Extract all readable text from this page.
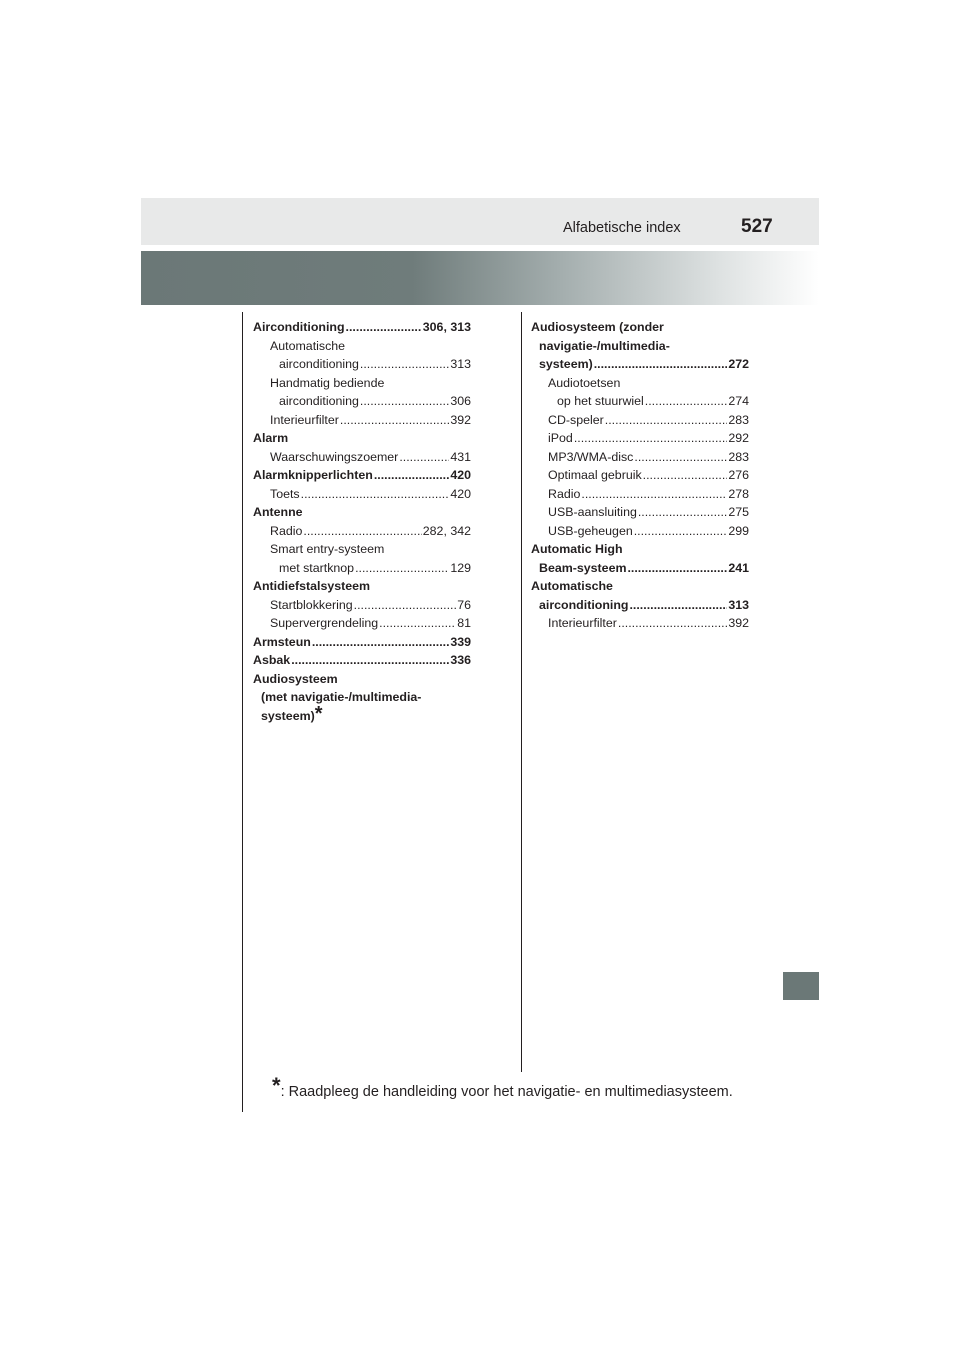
Alfabetische index	527
Airconditioning .....	306, 313
Automatische
airconditioning .....	313
Handmatig bediende
airconditioning .....	306
Interieurfilter .....	392
Alarm
Waarschuwingszoemer .....	431
Alarmknipperlichten .....	420
Toets .....	420
Antenne
Radio .....	282, 342
Smart entry-systeem
met startknop .....	129
Antidiefstalsysteem
Startblokkering .....	76
Supervergrendeling .....	81
Armsteun .....	339
Asbak .....	336
Audiosysteem
(met navigatie-/multimedia-
systeem) *
Audiosysteem (zonder
navigatie-/multimedia-
systeem) .....	272
Audiotoetsen
op het stuurwiel .....	274
CD-speler .....	283
iPod .....	292
MP3/WMA-disc .....	283
Optimaal gebruik .....	276
Radio .....	278
USB-aansluiting .....	275
USB-geheugen .....	299
Automatic High
Beam-systeem .....	241
Automatische
airconditioning .....	313
Interieurfilter .....	392
*: Raadpleeg de handleiding voor het navigatie- en multimediasysteem.
